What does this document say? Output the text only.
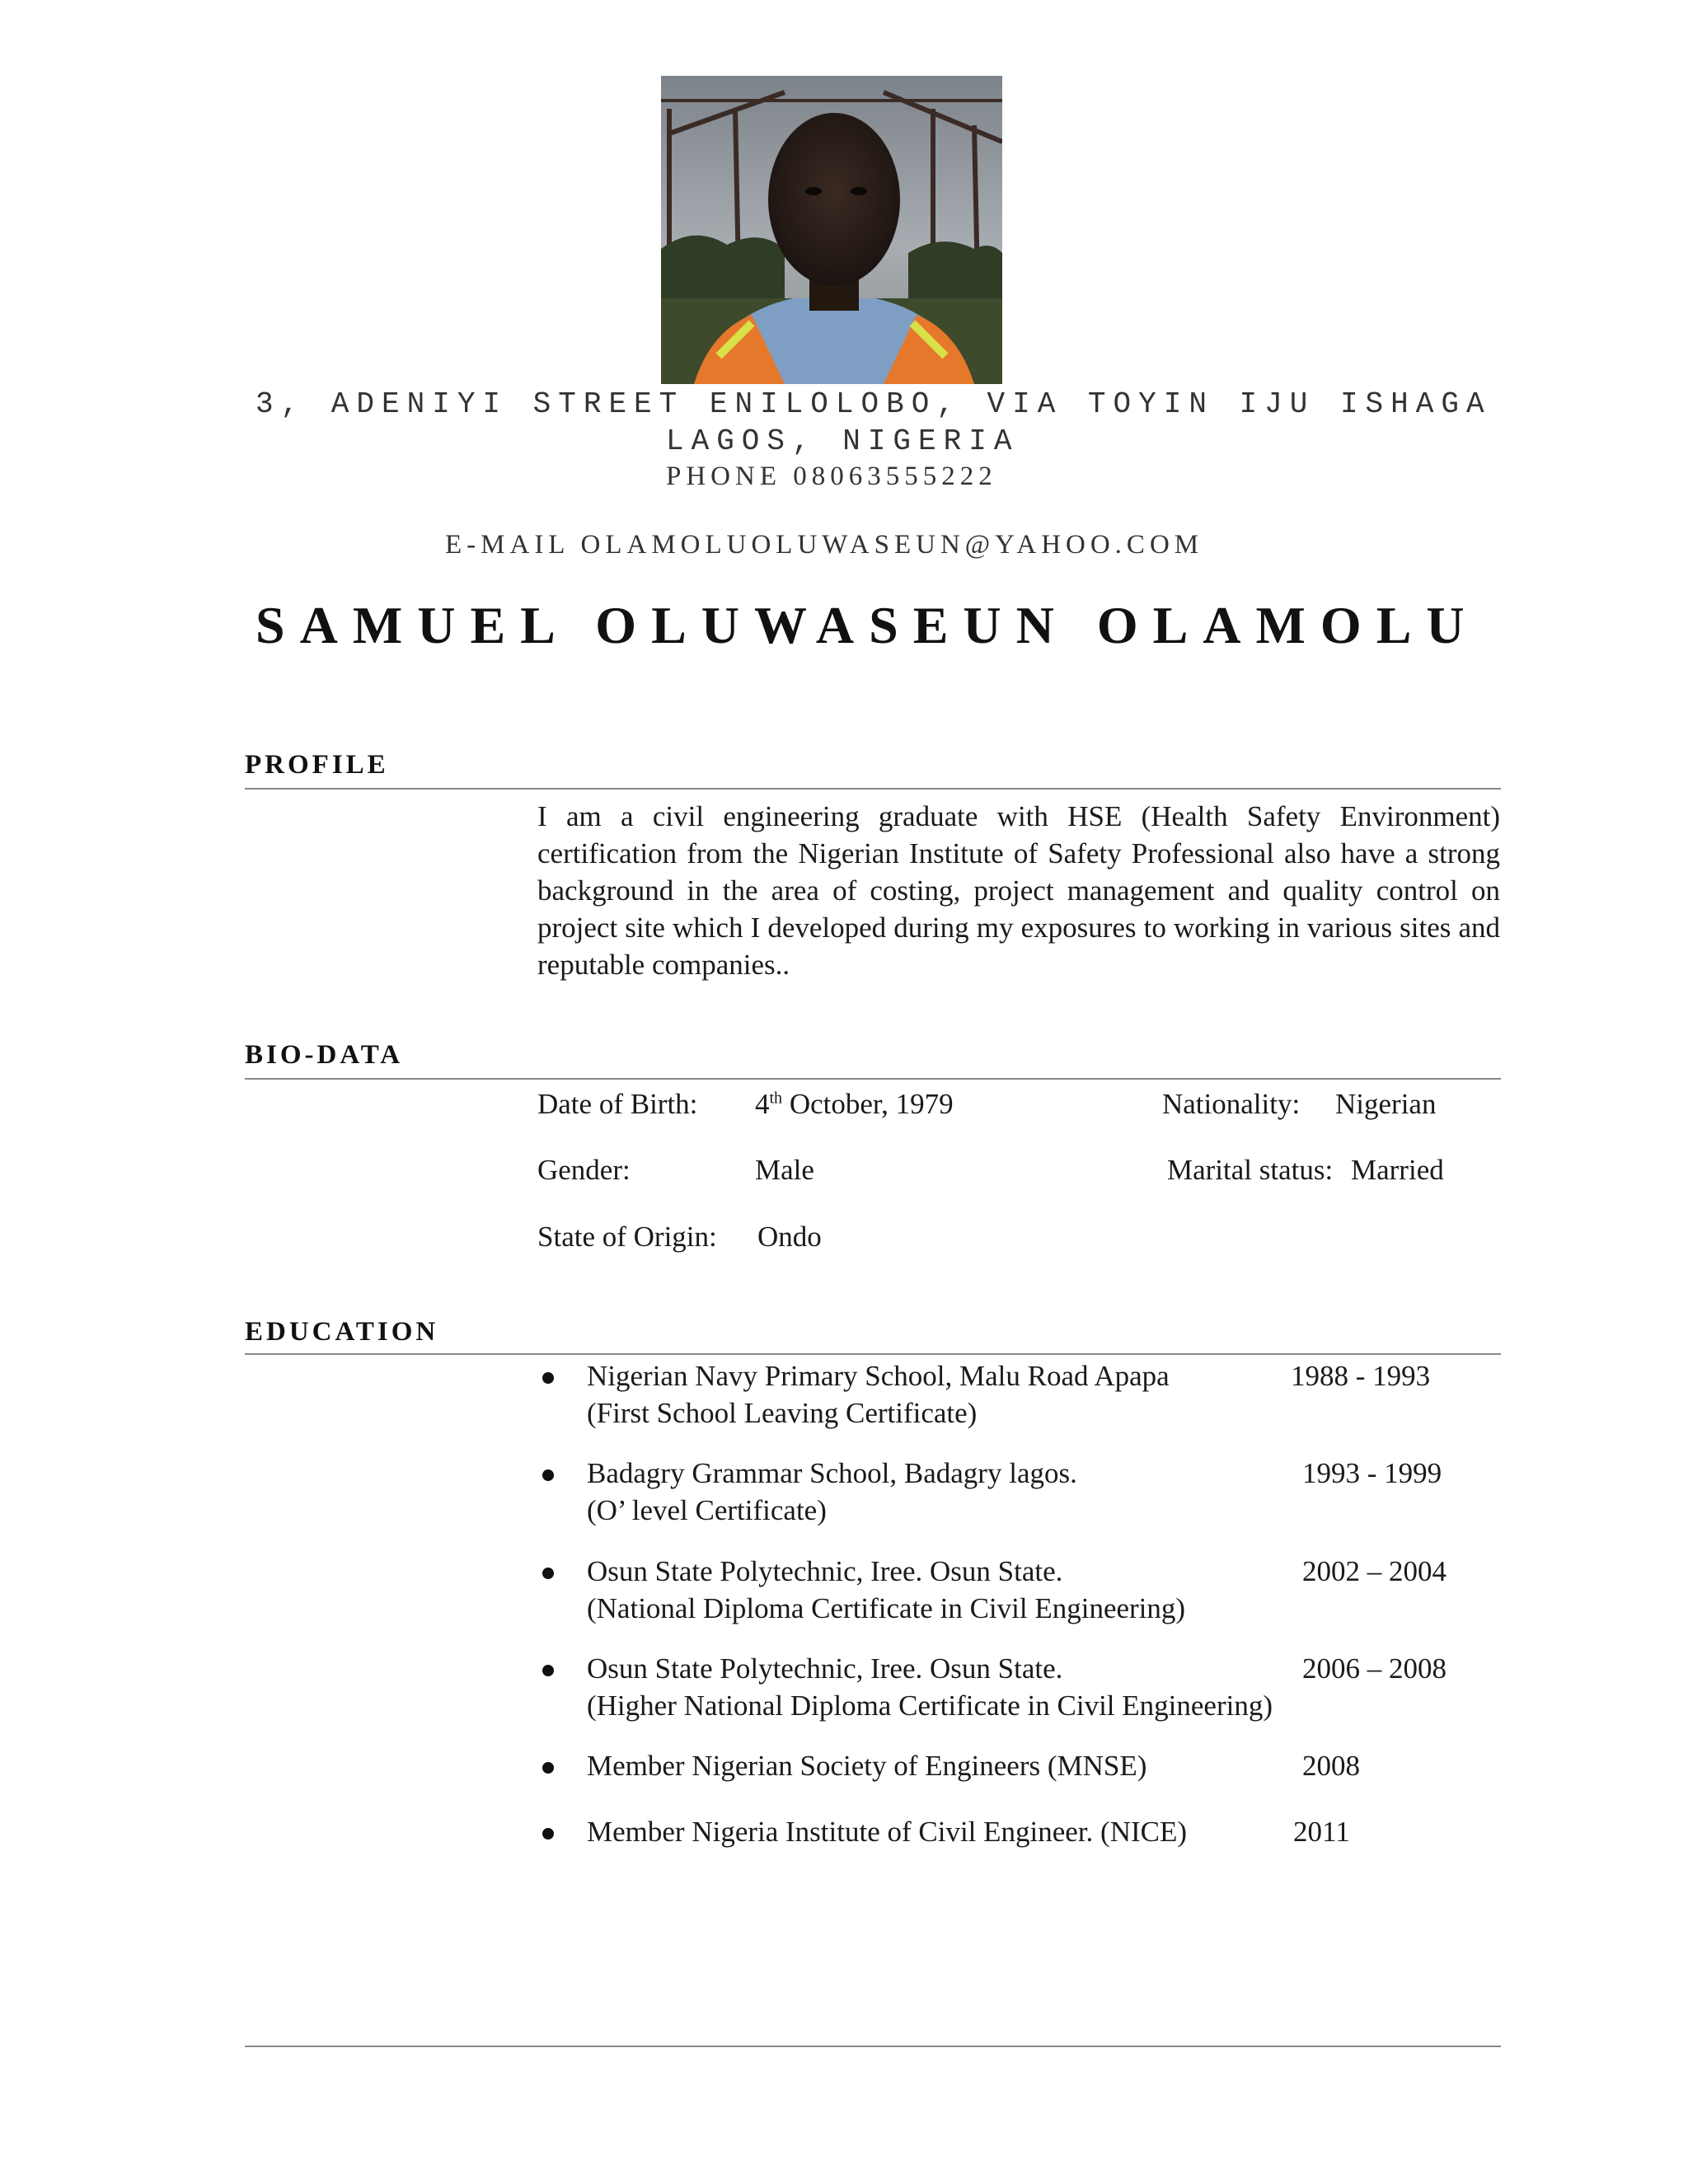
3, ADENIYI STREET ENILOLOBO, VIA TOYIN IJU ISHAGA
LAGOS, NIGERIA
PHONE 08063555222
E-MAIL OLAMOLUOLUWASEUN@YAHOO.COM
SAMUEL OLUWASEUN OLAMOLU
PROFILE
I am a civil engineering graduate with HSE (Health Safety Environment) certification from the Nigerian Institute of Safety Professional also have a strong background in the area of costing, project management and quality control on project site which I developed during my exposures to working in various sites and reputable companies..
BIO-DATA
Date of Birth: 4th October, 1979	Nationality: Nigerian
Gender:	Male	Marital status: Married
State of Origin: Ondo
EDUCATION
Nigerian Navy Primary School, Malu Road Apapa	1988 - 1993
(First School Leaving Certificate)
Badagry Grammar School, Badagry lagos.	1993 - 1999
(O’ level Certificate)
Osun State Polytechnic, Iree. Osun State.	2002 – 2004
(National Diploma Certificate in Civil Engineering)
Osun State Polytechnic, Iree. Osun State.	2006 – 2008
(Higher National Diploma Certificate in Civil Engineering)
Member Nigerian Society of Engineers (MNSE)	2008
Member Nigeria Institute of Civil Engineer. (NICE)	2011
